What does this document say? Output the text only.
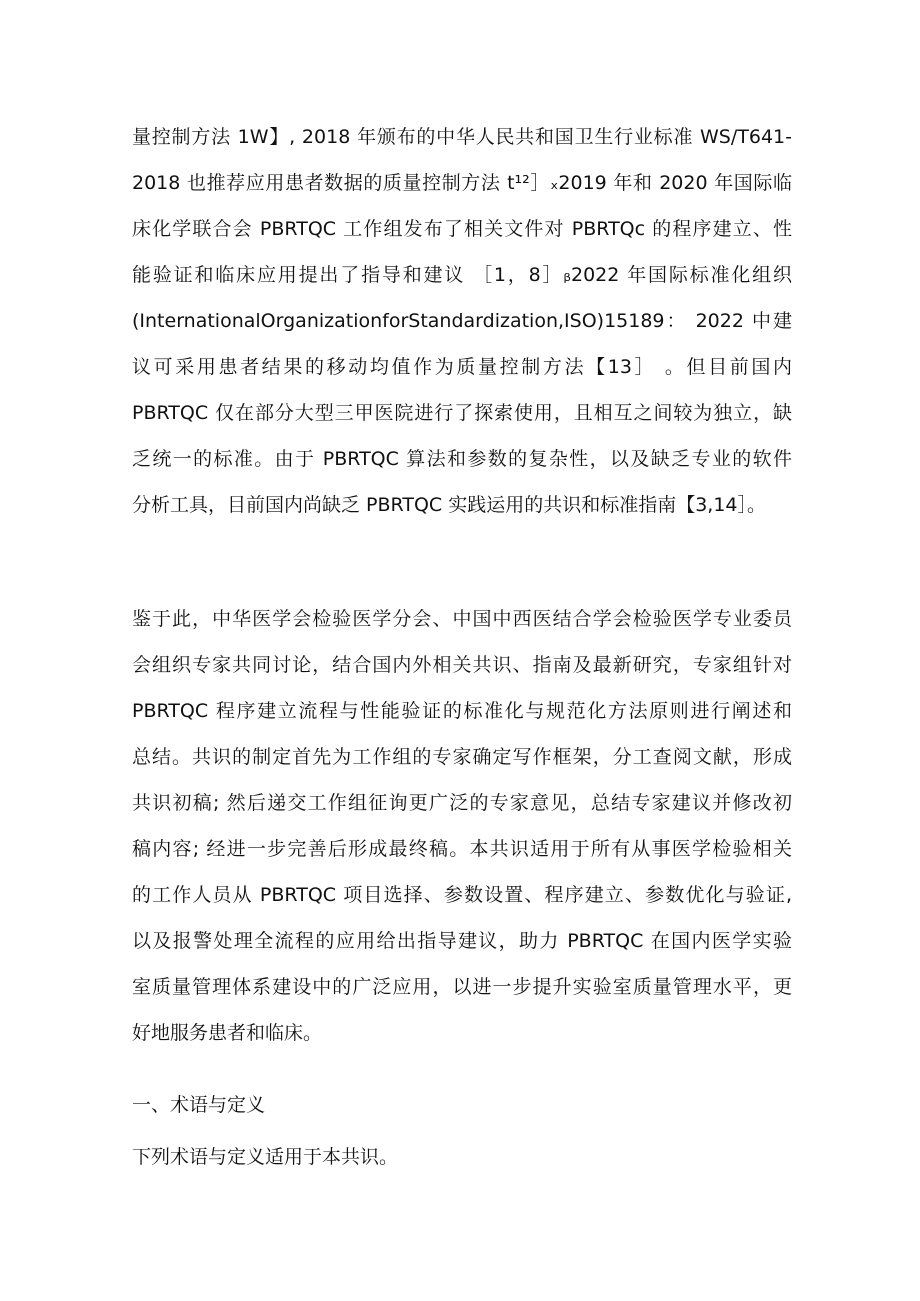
量控制方法 1W】, 2018 年颁布的中华人民共和国卫生行业标准 WS/T641-
2018 也推荐应用患者数据的质量控制方法 t¹²］ₓ2019 年和 2020 年国际临
床化学联合会 PBRTQC 工作组发布了相关文件对 PBRTQc 的程序建立、性
能验证和临床应用提出了指导和建议 ［1，8］ᵦ2022 年国际标准化组织
(InternationalOrganizationforStandardization,ISO)15189： 2022 中建
议可采用患者结果的移动均值作为质量控制方法【13］ 。但目前国内
PBRTQC 仅在部分大型三甲医院进行了探索使用，且相互之间较为独立，缺
乏统一的标准。由于 PBRTQC 算法和参数的复杂性，以及缺乏专业的软件
分析工具，目前国内尚缺乏 PBRTQC 实践运用的共识和标准指南【3,14］。
鉴于此，中华医学会检验医学分会、中国中西医结合学会检验医学专业委员
会组织专家共同讨论，结合国内外相关共识、指南及最新研究，专家组针对
PBRTQC 程序建立流程与性能验证的标准化与规范化方法原则进行阐述和
总结。共识的制定首先为工作组的专家确定写作框架，分工查阅文献，形成
共识初稿; 然后递交工作组征询更广泛的专家意见，总结专家建议并修改初
稿内容; 经进一步完善后形成最终稿。本共识适用于所有从事医学检验相关
的工作人员从 PBRTQC 项目选择、参数设置、程序建立、参数优化与验证,
以及报警处理全流程的应用给出指导建议，助力 PBRTQC 在国内医学实验
室质量管理体系建设中的广泛应用，以进一步提升实验室质量管理水平，更
好地服务患者和临床。
一、术语与定义
下列术语与定义适用于本共识。
